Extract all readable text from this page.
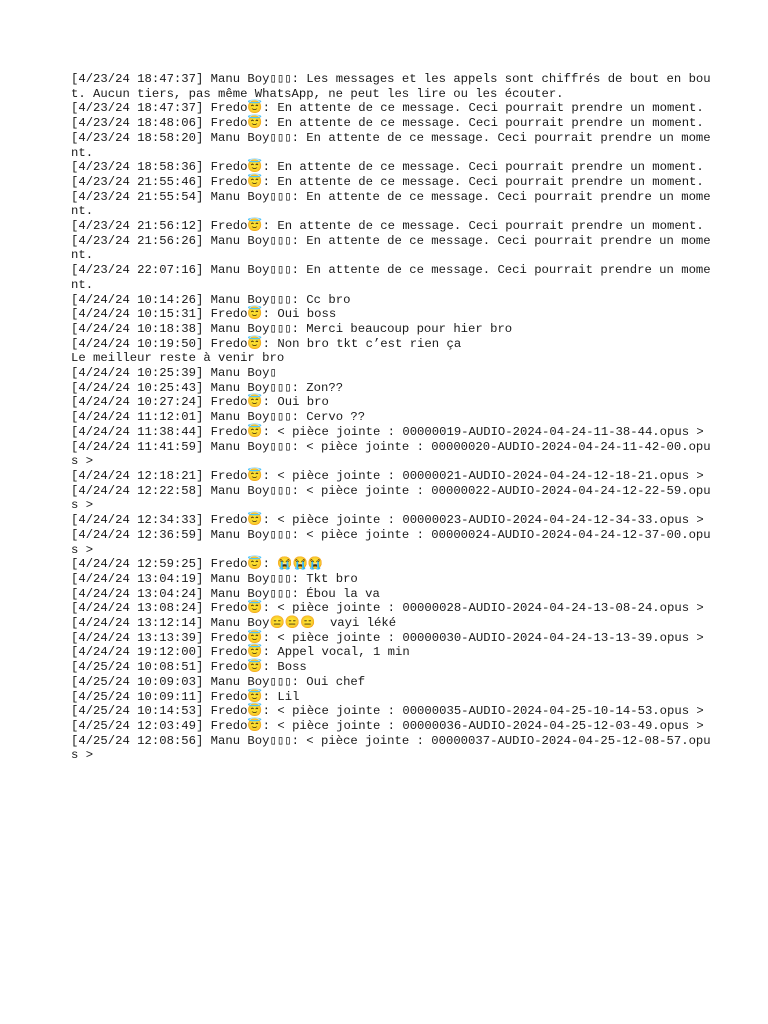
[4/23/24 18:47:37] Manu Boy▯▯▯: Les messages et les appels sont chiffrés de bout en bout. Aucun tiers, pas même WhatsApp, ne peut les lire ou les écouter.
[4/23/24 18:47:37] Fredo😇: En attente de ce message. Ceci pourrait prendre un moment.
[4/23/24 18:48:06] Fredo😇: En attente de ce message. Ceci pourrait prendre un moment.
[4/23/24 18:58:20] Manu Boy▯▯▯: En attente de ce message. Ceci pourrait prendre un moment.
[4/23/24 18:58:36] Fredo😇: En attente de ce message. Ceci pourrait prendre un moment.
[4/23/24 21:55:46] Fredo😇: En attente de ce message. Ceci pourrait prendre un moment.
[4/23/24 21:55:54] Manu Boy▯▯▯: En attente de ce message. Ceci pourrait prendre un moment.
[4/23/24 21:56:12] Fredo😇: En attente de ce message. Ceci pourrait prendre un moment.
[4/23/24 21:56:26] Manu Boy▯▯▯: En attente de ce message. Ceci pourrait prendre un moment.
[4/23/24 22:07:16] Manu Boy▯▯▯: En attente de ce message. Ceci pourrait prendre un moment.
[4/24/24 10:14:26] Manu Boy▯▯▯: Cc bro
[4/24/24 10:15:31] Fredo😇: Oui boss
[4/24/24 10:18:38] Manu Boy▯▯▯: Merci beaucoup pour hier bro
[4/24/24 10:19:50] Fredo😇: Non bro tkt c’est rien ça
Le meilleur reste à venir bro
[4/24/24 10:25:39] Manu Boy▯
[4/24/24 10:25:43] Manu Boy▯▯▯: Zon??
[4/24/24 10:27:24] Fredo😇: Oui bro
[4/24/24 11:12:01] Manu Boy▯▯▯: Cervo ??
[4/24/24 11:38:44] Fredo😇: < pièce jointe : 00000019-AUDIO-2024-04-24-11-38-44.opus >
[4/24/24 11:41:59] Manu Boy▯▯▯: < pièce jointe : 00000020-AUDIO-2024-04-24-11-42-00.opus >
[4/24/24 12:18:21] Fredo😇: < pièce jointe : 00000021-AUDIO-2024-04-24-12-18-21.opus >
[4/24/24 12:22:58] Manu Boy▯▯▯: < pièce jointe : 00000022-AUDIO-2024-04-24-12-22-59.opus >
[4/24/24 12:34:33] Fredo😇: < pièce jointe : 00000023-AUDIO-2024-04-24-12-34-33.opus >
[4/24/24 12:36:59] Manu Boy▯▯▯: < pièce jointe : 00000024-AUDIO-2024-04-24-12-37-00.opus >
[4/24/24 12:59:25] Fredo😇: 😭😭😭
[4/24/24 13:04:19] Manu Boy▯▯▯: Tkt bro
[4/24/24 13:04:24] Manu Boy▯▯▯: Ébou la va
[4/24/24 13:08:24] Fredo😇: < pièce jointe : 00000028-AUDIO-2024-04-24-13-08-24.opus >
[4/24/24 13:12:14] Manu Boy😑😑😑  vayi léké
[4/24/24 13:13:39] Fredo😇: < pièce jointe : 00000030-AUDIO-2024-04-24-13-13-39.opus >
[4/24/24 19:12:00] Fredo😇: Appel vocal, 1 min
[4/25/24 10:08:51] Fredo😇: Boss
[4/25/24 10:09:03] Manu Boy▯▯▯: Oui chef
[4/25/24 10:09:11] Fredo😇: Lil
[4/25/24 10:14:53] Fredo😇: < pièce jointe : 00000035-AUDIO-2024-04-25-10-14-53.opus >
[4/25/24 12:03:49] Fredo😇: < pièce jointe : 00000036-AUDIO-2024-04-25-12-03-49.opus >
[4/25/24 12:08:56] Manu Boy▯▯▯: < pièce jointe : 00000037-AUDIO-2024-04-25-12-08-57.opus >
